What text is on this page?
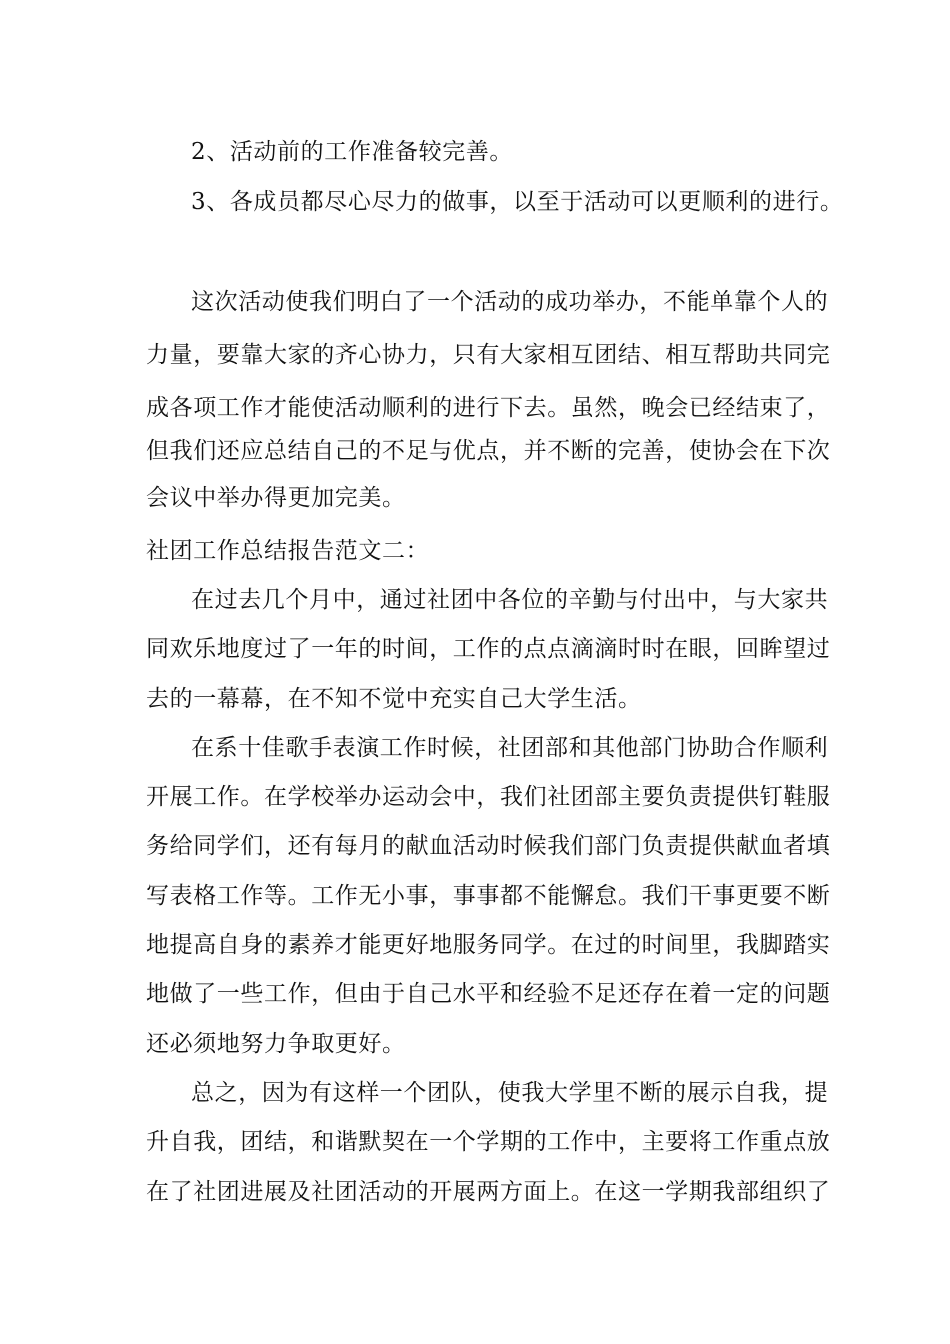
2、活动前的工作准备较完善。
3、各成员都尽心尽力的做事，以至于活动可以更顺利的进行。
这次活动使我们明白了一个活动的成功举办，不能单靠个人的
力量，要靠大家的齐心协力，只有大家相互团结、相互帮助共同完
成各项工作才能使活动顺利的进行下去。虽然，晚会已经结束了，
但我们还应总结自己的不足与优点，并不断的完善，使协会在下次
会议中举办得更加完美。
社团工作总结报告范文二：
在过去几个月中，通过社团中各位的辛勤与付出中，与大家共
同欢乐地度过了一年的时间，工作的点点滴滴时时在眼，回眸望过
去的一幕幕，在不知不觉中充实自己大学生活。
在系十佳歌手表演工作时候，社团部和其他部门协助合作顺利
开展工作。在学校举办运动会中，我们社团部主要负责提供钉鞋服
务给同学们，还有每月的献血活动时候我们部门负责提供献血者填
写表格工作等。工作无小事，事事都不能懈怠。我们干事更要不断
地提高自身的素养才能更好地服务同学。在过的时间里，我脚踏实
地做了一些工作，但由于自己水平和经验不足还存在着一定的问题
还必须地努力争取更好。
总之，因为有这样一个团队，使我大学里不断的展示自我，提
升自我，团结，和谐默契在一个学期的工作中，主要将工作重点放
在了社团进展及社团活动的开展两方面上。在这一学期我部组织了
